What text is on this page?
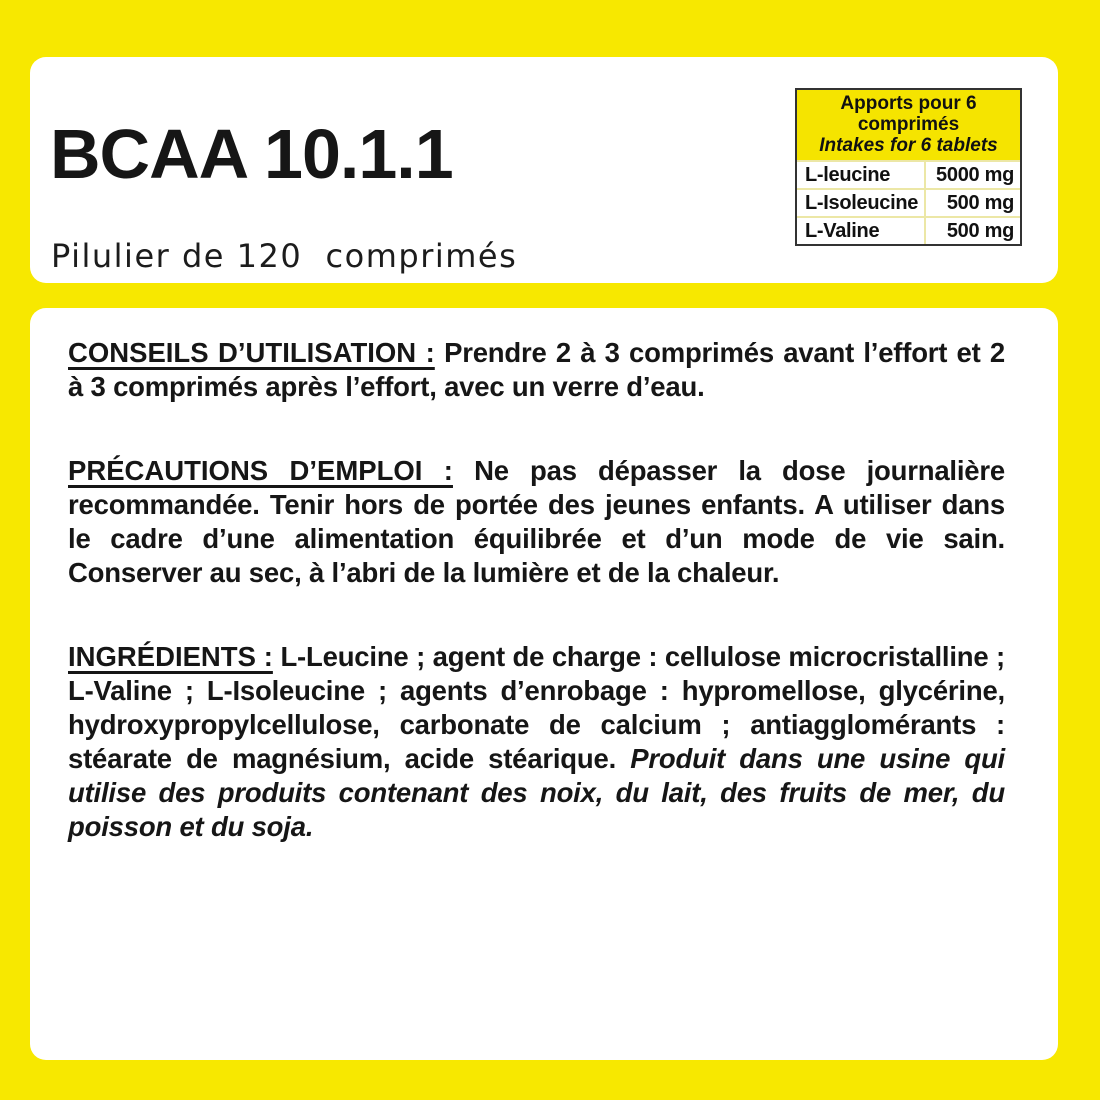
BCAA 10.1.1
Pilulier de 120  comprimés
Apports pour 6 comprimés
Intakes for 6 tablets
L-leucine	5000 mg
L-Isoleucine	500 mg
L-Valine	500 mg

CONSEILS D’UTILISATION : Prendre 2 à 3 comprimés avant l’effort et 2 à 3 comprimés après l’effort, avec un verre d’eau.

PRÉCAUTIONS D’EMPLOI : Ne pas dépasser la dose journalière recommandée. Tenir hors de portée des jeunes enfants. A utiliser dans le cadre d’une alimentation équilibrée et d’un mode de vie sain. Conserver au sec, à l’abri de la lumière et de la chaleur.

INGRÉDIENTS : L-Leucine ; agent de charge : cellulose microcristalline ; L-Valine ; L-Isoleucine ; agents d’enrobage : hypromellose, glycérine, hydroxypropylcellulose, carbonate de calcium ; antiagglomérants : stéarate de magnésium, acide stéarique. Produit dans une usine qui utilise des produits contenant des noix, du lait, des fruits de mer, du poisson et du soja.
